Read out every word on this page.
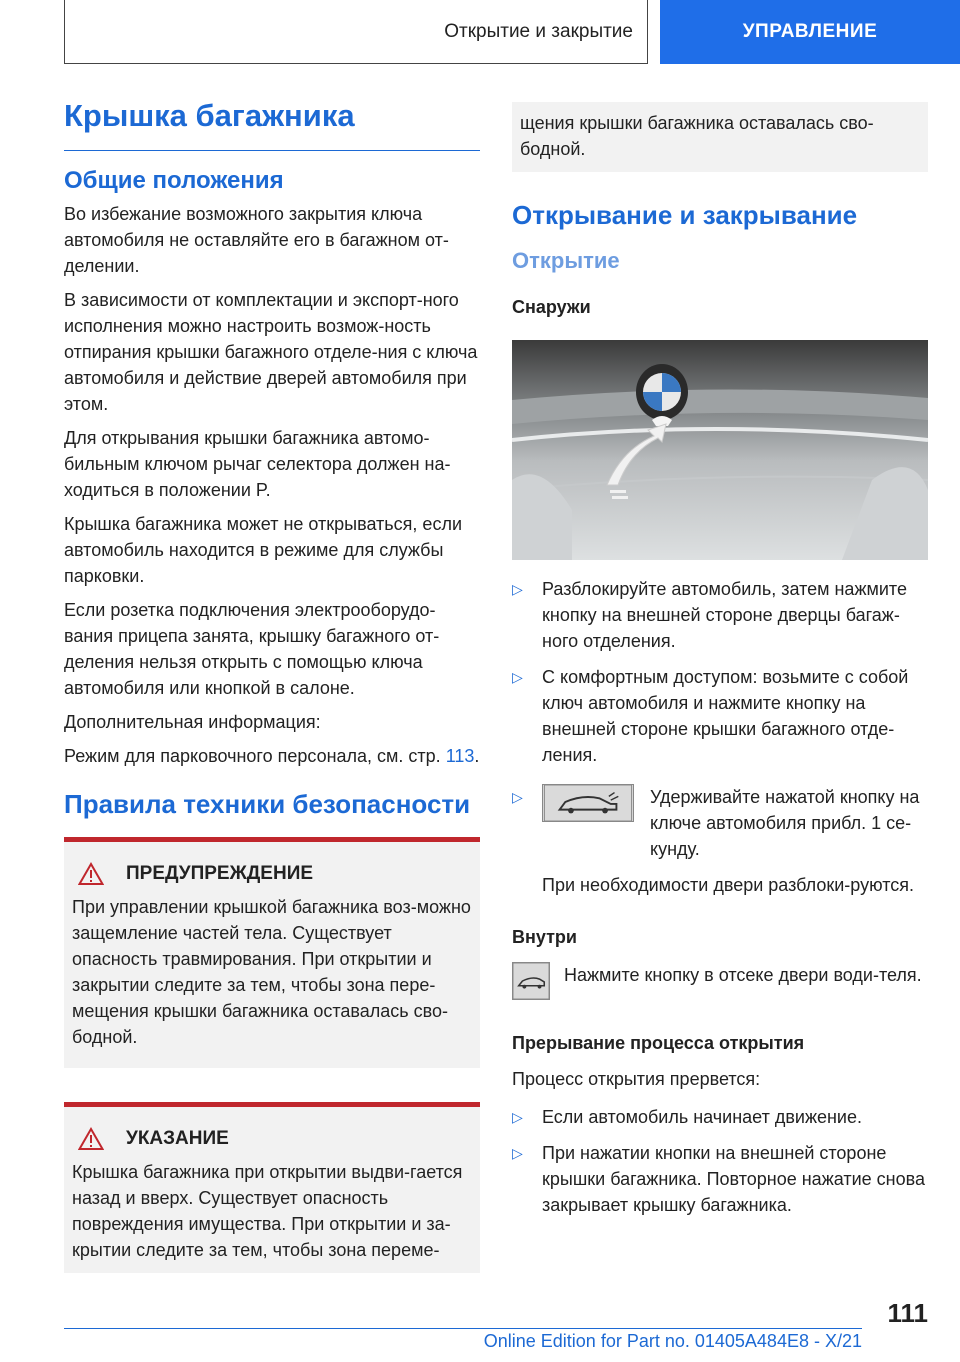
Открытие и закрытие	УПРАВЛЕНИЕ
Крышка багажника
Общие положения

Во избежание возможного закрытия ключа автомобиля не оставляйте его в багажном от-делении.

В зависимости от комплектации и экспорт-ного исполнения можно настроить возмож-ность отпирания крышки багажного отделе-ния с ключа автомобиля и действие дверей автомобиля при этом.

Для открывания крышки багажника автомо-бильным ключом рычаг селектора должен на-ходиться в положении P.

Крышка багажника может не открываться, если автомобиль находится в режиме для службы парковки.

Если розетка подключения электрооборудо-вания прицепа занята, крышку багажного от-деления нельзя открыть с помощью ключа автомобиля или кнопкой в салоне.

Дополнительная информация:

Режим для парковочного персонала, см. стр. 113.

Правила техники безопасности
ПРЕДУПРЕЖДЕНИЕ

При управлении крышкой багажника воз-можно защемление частей тела. Существует опасность травмирования. При открытии и закрытии следите за тем, чтобы зона пере-мещения крышки багажника оставалась сво-бодной.

УКАЗАНИЕ

Крышка багажника при открытии выдви-гается назад и вверх. Существует опасность повреждения имущества. При открытии и за-крытии следите за тем, чтобы зона переме-

щения крышки багажника оставалась сво-бодной.

Открывание и закрывание
Открытие
Снаружи
▷	Разблокируйте автомобиль, затем нажмите кнопку на внешней стороне дверцы багаж-ного отделения.
▷	С комфортным доступом: возьмите с собой ключ автомобиля и нажмите кнопку на внешней стороне крышки багажного отде-ления.
▷	Удерживайте нажатой кнопку на ключе автомобиля прибл. 1 се-кунду.

При необходимости двери разблоки-руются.

Внутри
Нажмите кнопку в отсеке двери води-теля.
Прерывание процесса открытия

Процесс открытия прервется:

▷	Если автомобиль начинает движение.
▷	При нажатии кнопки на внешней стороне крышки багажника. Повторное нажатие снова закрывает крышку багажника.
111
Online Edition for Part no. 01405A484E8 - X/21
